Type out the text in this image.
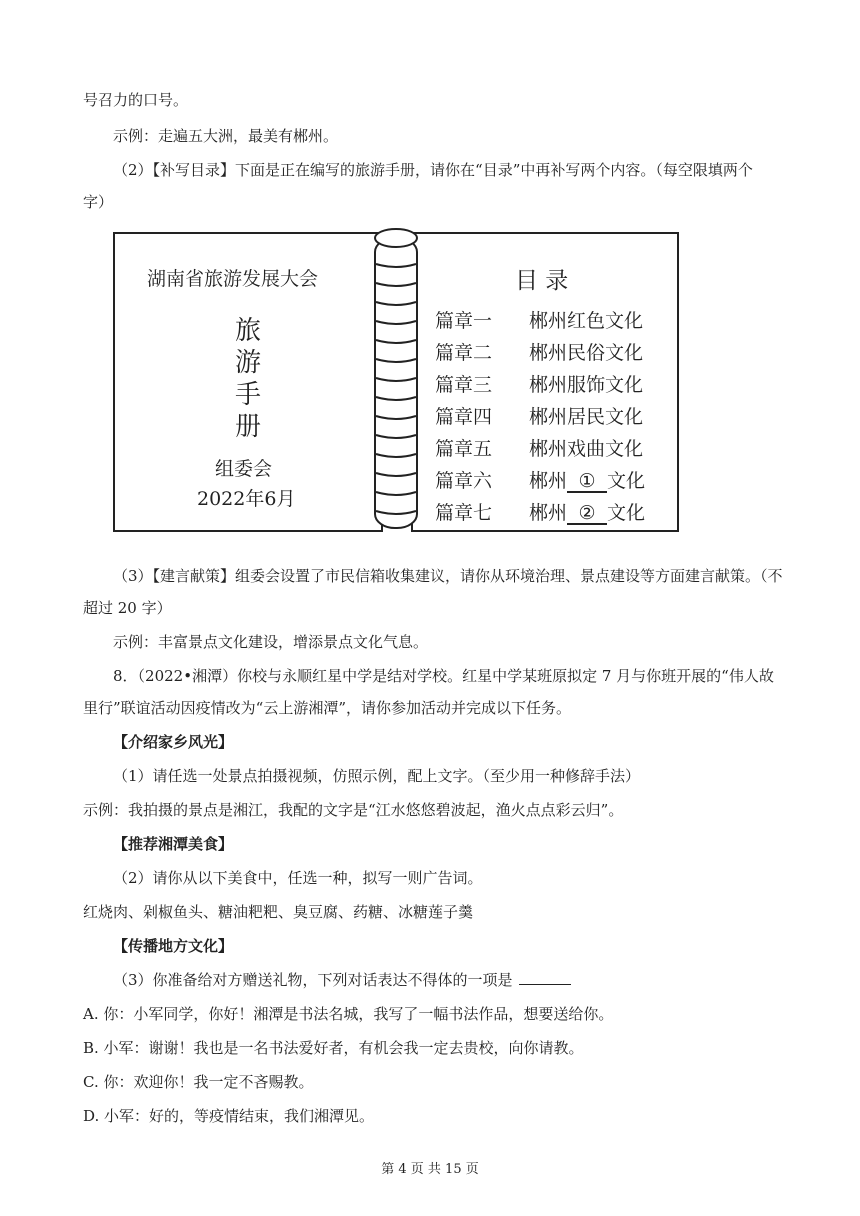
号召力的口号。
示例：走遍五大洲，最美有郴州。
（2）【补写目录】下面是正在编写的旅游手册，请你在“目录”中再补写两个内容。（每空限填两个
字）
湖南省旅游发展大会
旅
游
手
册
组委会
2022年6月
目 录
篇章一 郴州红色文化
篇章二 郴州民俗文化
篇章三 郴州服饰文化
篇章四 郴州居民文化
篇章五 郴州戏曲文化
篇章六 郴州 ① 文化
篇章七 郴州 ② 文化
（3）【建言献策】组委会设置了市民信箱收集建议，请你从环境治理、景点建设等方面建言献策。（不
超过 20 字）
示例：丰富景点文化建设，增添景点文化气息。
8．（2022•湘潭）你校与永顺红星中学是结对学校。红星中学某班原拟定 7 月与你班开展的“伟人故
里行”联谊活动因疫情改为“云上游湘潭”，请你参加活动并完成以下任务。
【介绍家乡风光】
（1）请任选一处景点拍摄视频，仿照示例，配上文字。（至少用一种修辞手法）
示例：我拍摄的景点是湘江，我配的文字是“江水悠悠碧波起，渔火点点彩云归”。
【推荐湘潭美食】
（2）请你从以下美食中，任选一种，拟写一则广告词。
红烧肉、剁椒鱼头、糖油粑粑、臭豆腐、药糖、冰糖莲子羹
【传播地方文化】
（3）你准备给对方赠送礼物，下列对话表达不得体的一项是
A. 你：小军同学，你好！湘潭是书法名城，我写了一幅书法作品，想要送给你。
B. 小军：谢谢！我也是一名书法爱好者，有机会我一定去贵校，向你请教。
C. 你：欢迎你！我一定不吝赐教。
D. 小军：好的，等疫情结束，我们湘潭见。
第 4 页 共 15 页
